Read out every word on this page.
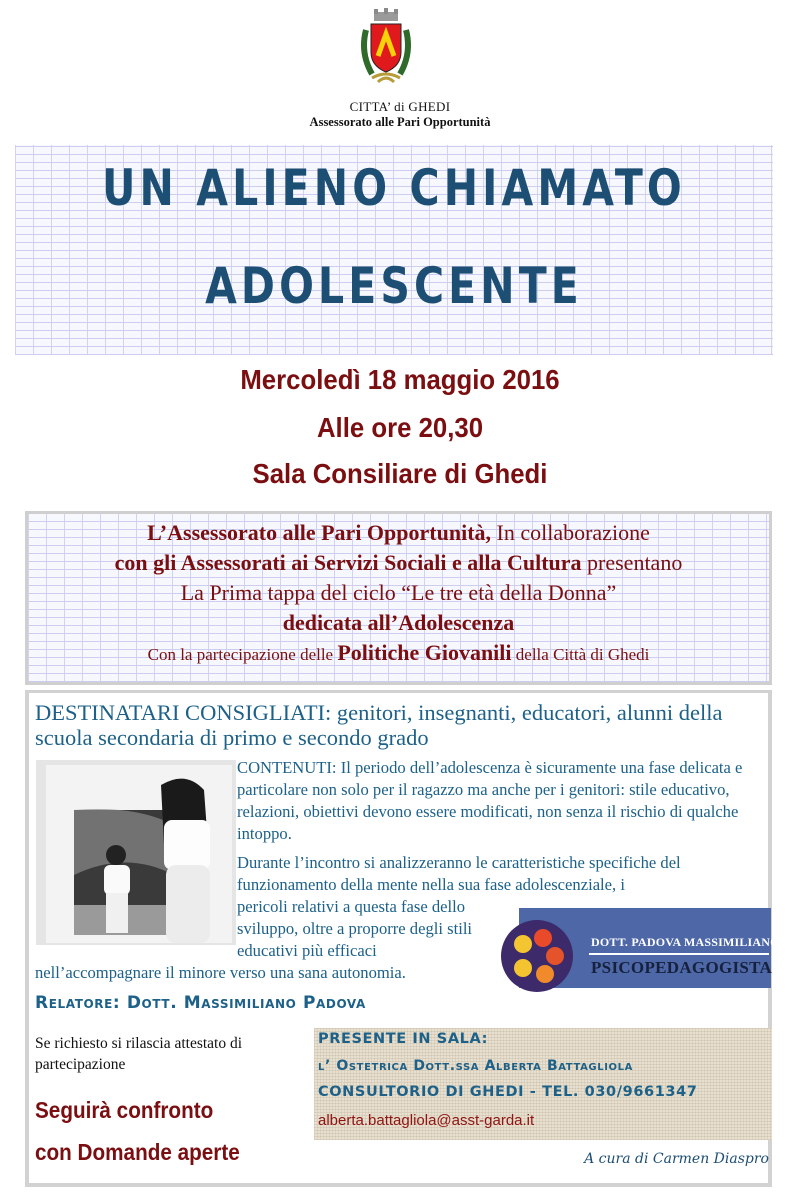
CITTA’ di GHEDI
Assessorato alle Pari Opportunità
UN ALIENO CHIAMATO
ADOLESCENTE
Mercoledì 18 maggio 2016
Alle ore 20,30
Sala Consiliare di Ghedi
L’Assessorato alle Pari Opportunità, In collaborazione
con gli Assessorati ai Servizi Sociali e alla Cultura presentano
La Prima tappa del ciclo “Le tre età della Donna”
dedicata all’Adolescenza
Con la partecipazione delle Politiche Giovanili della Città di Ghedi
DESTINATARI CONSIGLIATI: genitori, insegnanti, educatori, alunni della scuola secondaria di primo e secondo grado
CONTENUTI: Il periodo dell’adolescenza è sicuramente una fase delicata e particolare non solo per il ragazzo ma anche per i genitori: stile educativo, relazioni, obiettivi devono essere modificati, non senza il rischio di qualche intoppo.
Durante l’incontro si analizzeranno le caratteristiche specifiche del funzionamento della mente nella sua fase adolescenziale, i
pericoli relativi a questa fase dello sviluppo, oltre a proporre degli stili educativi più efficaci
nell’accompagnare il minore verso una sana autonomia.
DOTT. PADOVA MASSIMILIANO
PSICOPEDAGOGISTA
Relatore: Dott. Massimiliano Padova
Se richiesto si rilascia attestato di partecipazione
Seguirà confronto
con Domande aperte
PRESENTE IN SALA:
l’ Ostetrica Dott.ssa Alberta Battagliola
CONSULTORIO DI GHEDI - TEL. 030/9661347
alberta.battagliola@asst-garda.it
A cura di Carmen Diaspro
